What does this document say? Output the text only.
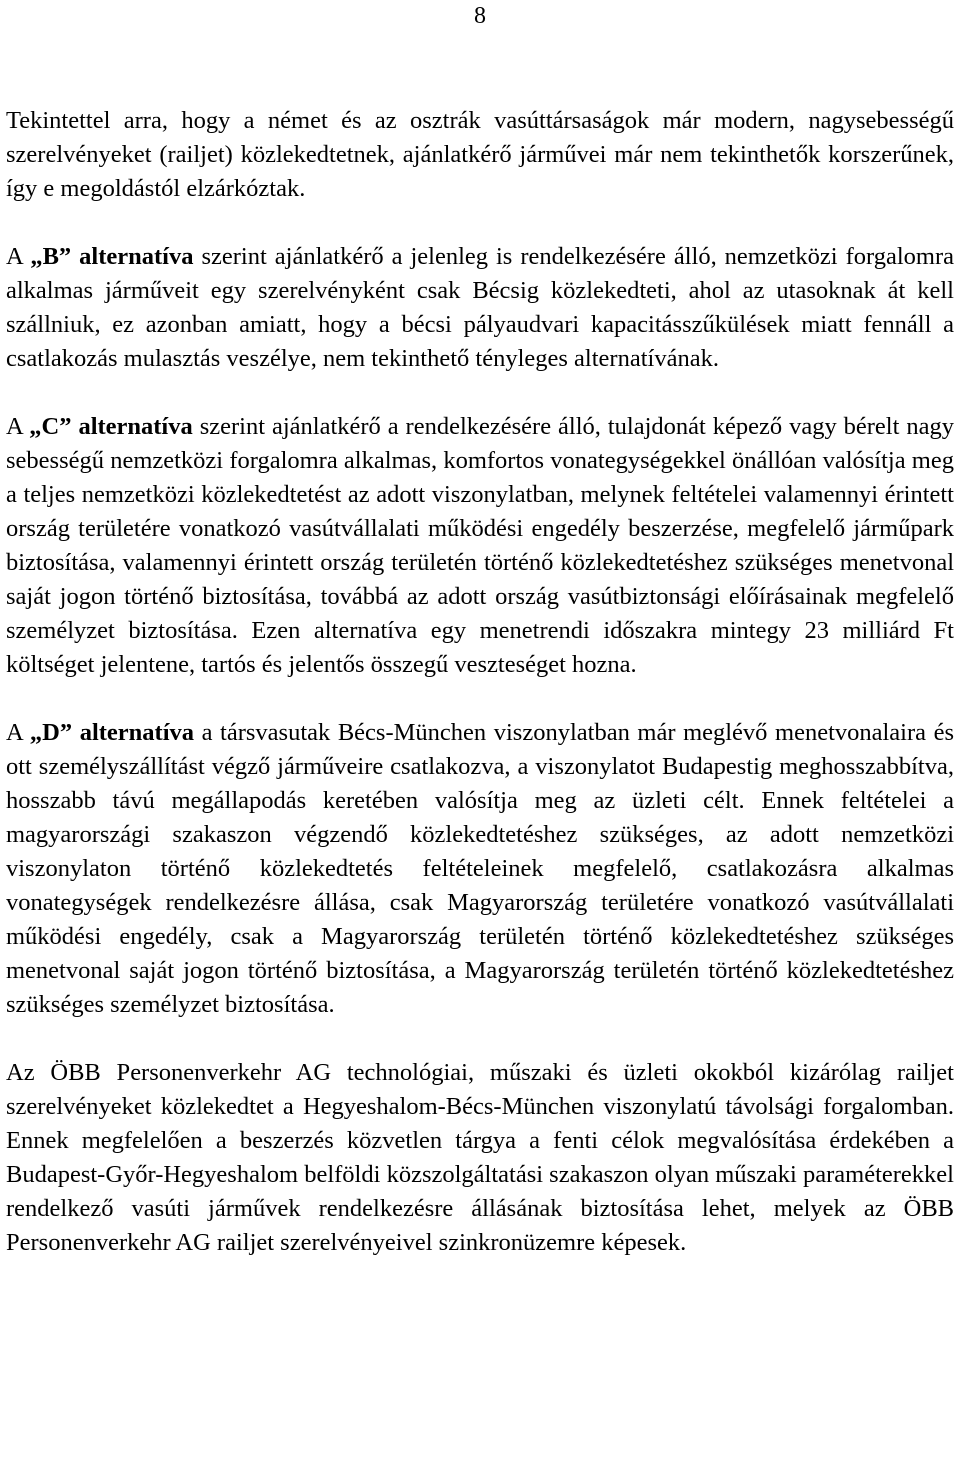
8

Tekintettel arra, hogy a német és az osztrák vasúttársaságok már modern, nagysebességű szerelvényeket (railjet) közlekedtetnek, ajánlatkérő járművei már nem tekinthetők korszerűnek, így e megoldástól elzárkóztak.

A „B” alternatíva szerint ajánlatkérő a jelenleg is rendelkezésére álló, nemzetközi forgalomra alkalmas járműveit egy szerelvényként csak Bécsig közlekedteti, ahol az utasoknak át kell szállniuk, ez azonban amiatt, hogy a bécsi pályaudvari kapacitásszűkülések miatt fennáll a csatlakozás mulasztás veszélye, nem tekinthető tényleges alternatívának.

A „C” alternatíva szerint ajánlatkérő a rendelkezésére álló, tulajdonát képező vagy bérelt nagy sebességű nemzetközi forgalomra alkalmas, komfortos vonategységekkel önállóan valósítja meg a teljes nemzetközi közlekedtetést az adott viszonylatban, melynek feltételei valamennyi érintett ország területére vonatkozó vasútvállalati működési engedély beszerzése, megfelelő járműpark biztosítása, valamennyi érintett ország területén történő közlekedtetéshez szükséges menetvonal saját jogon történő biztosítása, továbbá az adott ország vasútbiztonsági előírásainak megfelelő személyzet biztosítása. Ezen alternatíva egy menetrendi időszakra mintegy 23 milliárd Ft költséget jelentene, tartós és jelentős összegű veszteséget hozna.

A „D” alternatíva a társvasutak Bécs-München viszonylatban már meglévő menetvonalaira és ott személyszállítást végző járműveire csatlakozva, a viszonylatot Budapestig meghosszabbítva, hosszabb távú megállapodás keretében valósítja meg az üzleti célt. Ennek feltételei a magyarországi szakaszon végzendő közlekedtetéshez szükséges, az adott nemzetközi viszonylaton történő közlekedtetés feltételeinek megfelelő, csatlakozásra alkalmas vonategységek rendelkezésre állása, csak Magyarország területére vonatkozó vasútvállalati működési engedély, csak a Magyarország területén történő közlekedtetéshez szükséges menetvonal saját jogon történő biztosítása, a Magyarország területén történő közlekedtetéshez szükséges személyzet biztosítása.

Az ÖBB Personenverkehr AG technológiai, műszaki és üzleti okokból kizárólag railjet szerelvényeket közlekedtet a Hegyeshalom-Bécs-München viszonylatú távolsági forgalomban. Ennek megfelelően a beszerzés közvetlen tárgya a fenti célok megvalósítása érdekében a Budapest-Győr-Hegyeshalom belföldi közszolgáltatási szakaszon olyan műszaki paraméterekkel rendelkező vasúti járművek rendelkezésre állásának biztosítása lehet, melyek az ÖBB Personenverkehr AG railjet szerelvényeivel szinkronüzemre képesek.
